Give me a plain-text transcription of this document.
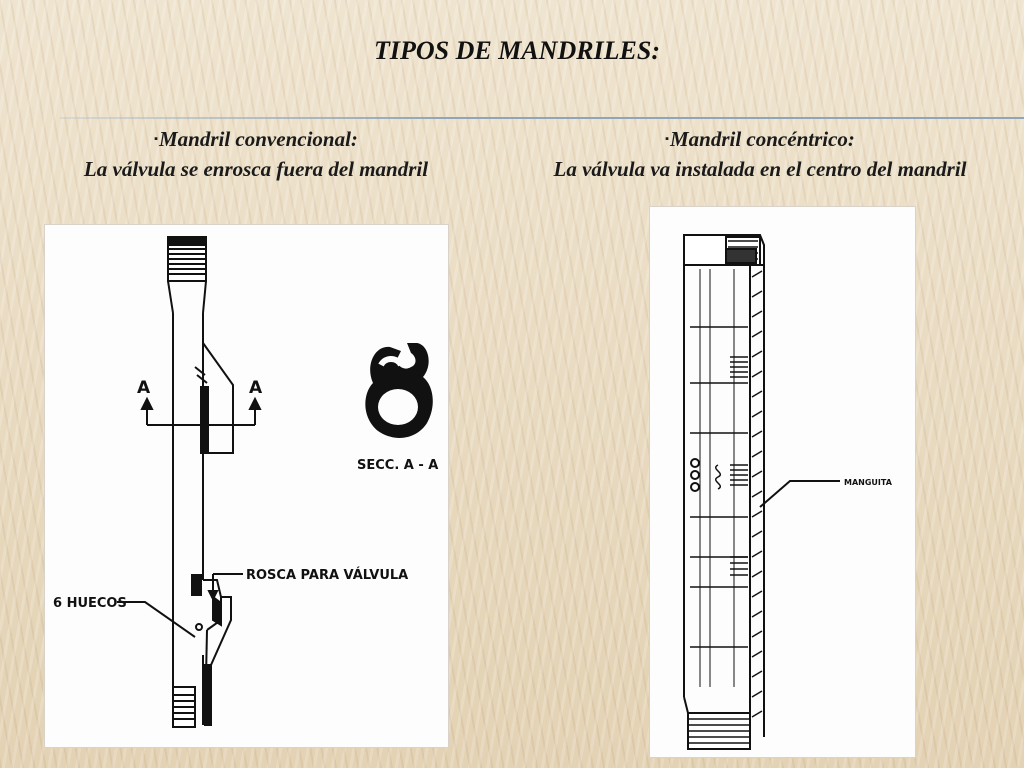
TIPOS DE MANDRILES:
▪Mandril convencional:
La válvula se enrosca fuera del mandril
▪Mandril concéntrico:
La válvula va instalada en el centro del mandril
A	A
SECC. A - A
ROSCA PARA VÁLVULA
6 HUECOS
MANGUITA
